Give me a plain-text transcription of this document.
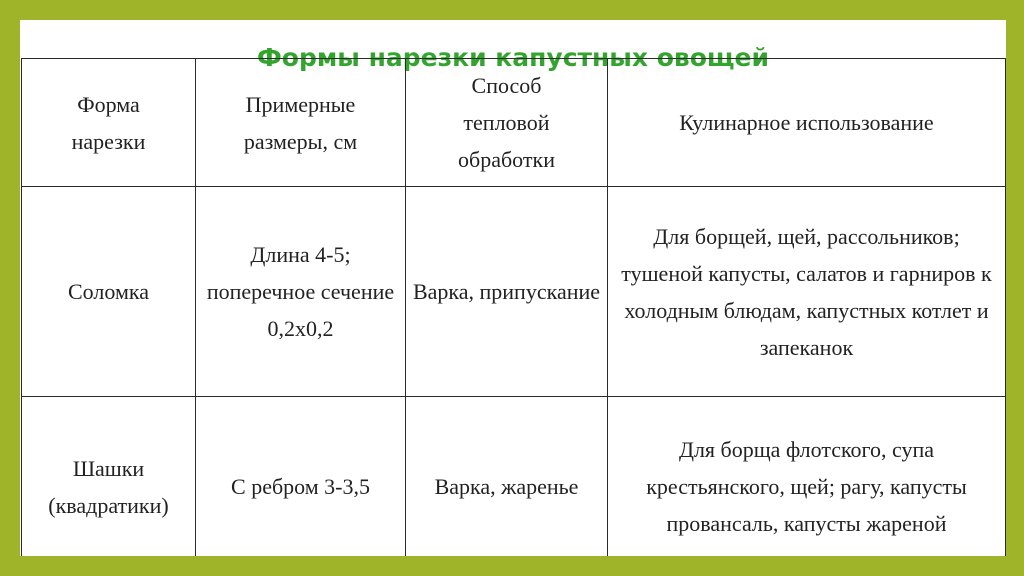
Формы нарезки капустных овощей
Форма нарезки	Примерные размеры, см	Способ тепловой обработки	Кулинарное использование
Соломка	Длина 4-5; поперечное сечение 0,2х0,2	Варка, припускание	Для борщей, щей, рассольников; тушеной капусты, салатов и гарниров к холодным блюдам, капустных котлет и запеканок
Шашки (квадратики)	С ребром 3-3,5	Варка, жаренье	Для борща флотского, супа крестьянского, щей; рагу, капусты провансаль, капусты жареной
